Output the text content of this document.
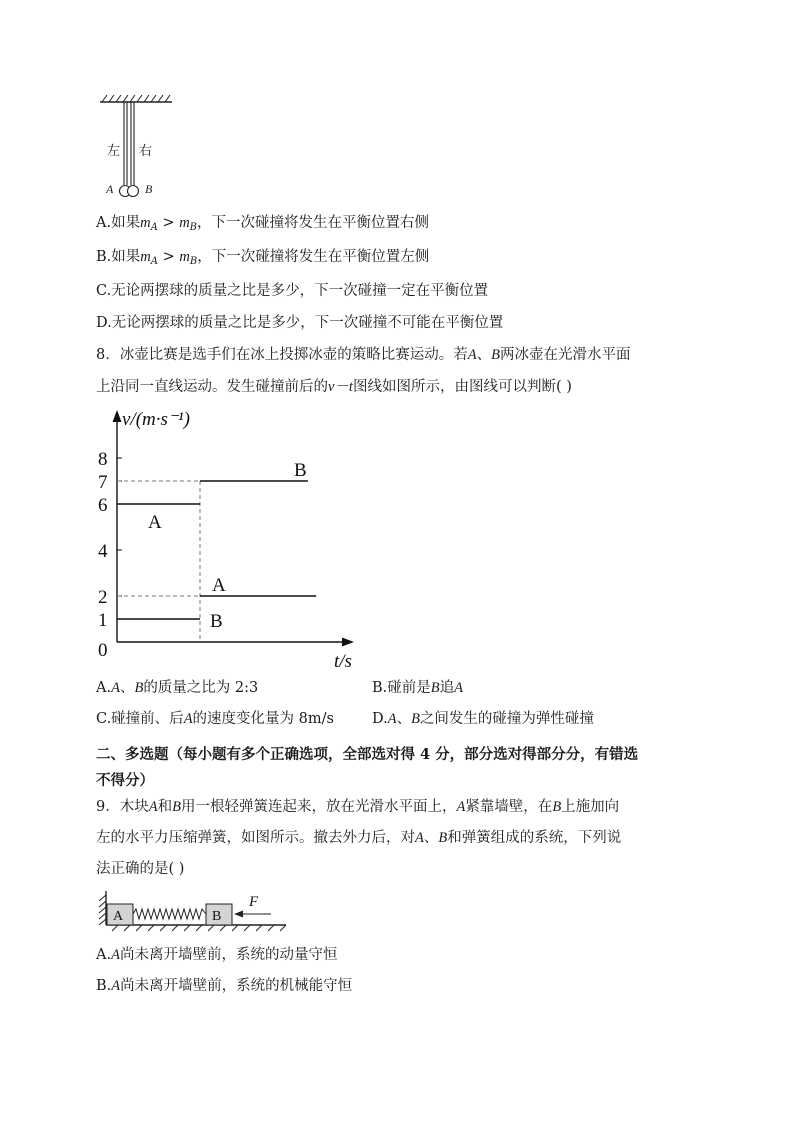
左 右
A	B
A.如果$m_A > m_B$，下一次碰撞将发生在平衡位置右侧
B.如果$m_A > m_B$，下一次碰撞将发生在平衡位置左侧
C.无论两摆球的质量之比是多少，下一次碰撞一定在平衡位置
D.无论两摆球的质量之比是多少，下一次碰撞不可能在平衡位置
8．冰壶比赛是选手们在冰上投掷冰壶的策略比赛运动。若A、B两冰壶在光滑水平面
上沿同一直线运动。发生碰撞前后的v－t图线如图所示，由图线可以判断( )
v/(m·s⁻¹)
t/s
8
7
6
4
2
1
0
A
A
B
B
A.A、B的质量之比为 2:3	B.碰前是B追A
C.碰撞前、后A的速度变化量为 8m/s	D.A、B之间发生的碰撞为弹性碰撞
二、多选题（每小题有多个正确选项，全部选对得 4 分，部分选对得部分分，有错选
不得分）
9．木块A和B用一根轻弹簧连起来，放在光滑水平面上，A紧靠墙壁，在B上施加向
左的水平力压缩弹簧，如图所示。撤去外力后，对A、B和弹簧组成的系统，下列说
法正确的是( )
A	B
F
A.A尚未离开墙壁前，系统的动量守恒
B.A尚未离开墙壁前，系统的机械能守恒
